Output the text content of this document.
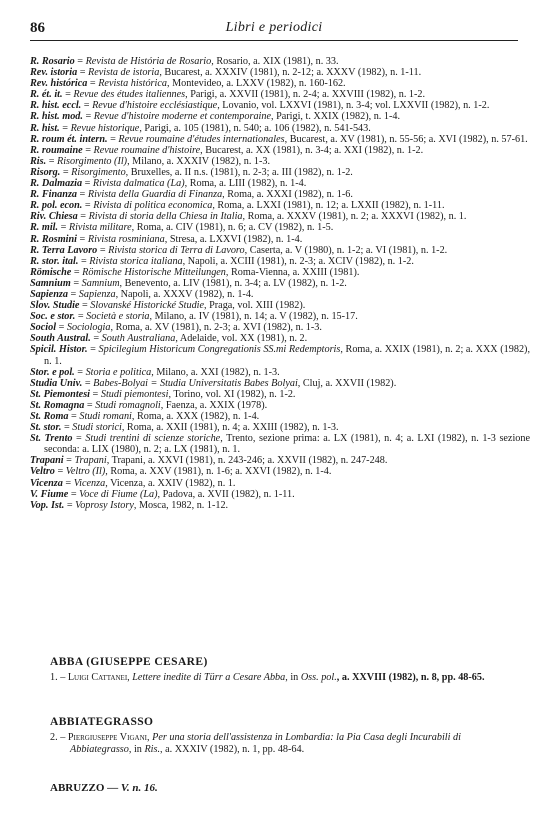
86	Libri e periodici
R. Rosario = Revista de História de Rosario, Rosario, a. XIX (1981), n. 33.
Rev. istoria = Revista de istoria, Bucarest, a. XXXIV (1981), n. 2-12; a. XXXV (1982), n. 1-11.
Rev. histórica = Revista histórica, Montevideo, a. LXXV (1982), n. 160-162.
R. ét. it. = Revue des études italiennes, Parigi, a. XXVII (1981), n. 2-4; a. XXVIII (1982), n. 1-2.
R. hist. eccl. = Revue d'histoire ecclésiastique, Lovanio, vol. LXXVI (1981), n. 3-4; vol. LXXVII (1982), n. 1-2.
R. hist. mod. = Revue d'histoire moderne et contemporaine, Parigi, t. XXIX (1982), n. 1-4.
R. hist. = Revue historique, Parigi, a. 105 (1981), n. 540; a. 106 (1982), n. 541-543.
R. roum ét. intern. = Revue roumaine d'études internationales, Bucarest, a. XV (1981), n. 55-56; a. XVI (1982), n. 57-61.
R. roumaine = Revue roumaine d'histoire, Bucarest, a. XX (1981), n. 3-4; a. XXI (1982), n. 1-2.
Ris. = Risorgimento (Il), Milano, a. XXXIV (1982), n. 1-3.
Risorg. = Risorgimento, Bruxelles, a. II n.s. (1981), n. 2-3; a. III (1982), n. 1-2.
R. Dalmazia = Rivista dalmatica (La), Roma, a. LIII (1982), n. 1-4.
R. Finanza = Rivista della Guardia di Finanza, Roma, a. XXXI (1982), n. 1-6.
R. pol. econ. = Rivista di politica economica, Roma, a. LXXI (1981), n. 12; a. LXXII (1982), n. 1-11.
Riv. Chiesa = Rivista di storia della Chiesa in Italia, Roma, a. XXXV (1981), n. 2; a. XXXVI (1982), n. 1.
R. mil. = Rivista militare, Roma, a. CIV (1981), n. 6; a. CV (1982), n. 1-5.
R. Rosmini = Rivista rosminiana, Stresa, a. LXXVI (1982), n. 1-4.
R. Terra Lavoro = Rivista storica di Terra di Lavoro, Caserta, a. V (1980), n. 1-2; a. VI (1981), n. 1-2.
R. stor. ital. = Rivista storica italiana, Napoli, a. XCIII (1981), n. 2-3; a. XCIV (1982), n. 1-2.
Römische = Römische Historische Mitteilungen, Roma-Vienna, a. XXIII (1981).
Samnium = Samnium, Benevento, a. LIV (1981), n. 3-4; a. LV (1982), n. 1-2.
Sapienza = Sapienza, Napoli, a. XXXV (1982), n. 1-4.
Slov. Studie = Slovanské Historické Studie, Praga, vol. XIII (1982).
Soc. e stor. = Società e storia, Milano, a. IV (1981), n. 14; a. V (1982), n. 15-17.
Sociol = Sociologia, Roma, a. XV (1981), n. 2-3; a. XVI (1982), n. 1-3.
South Austral. = South Australiana, Adelaide, vol. XX (1981), n. 2.
Spicil. Histor. = Spicilegium Historicum Congregationis SS.mi Redemptoris, Roma, a. XXIX (1981), n. 2; a. XXX (1982), n. 1.
Stor. e pol. = Storia e politica, Milano, a. XXI (1982), n. 1-3.
Studia Univ. = Babes-Bolyai = Studia Universitatis Babes Bolyai, Cluj, a. XXVII (1982).
St. Piemontesi = Studi piemontesi, Torino, vol. XI (1982), n. 1-2.
St. Romagna = Studi romagnoli, Faenza, a. XXIX (1978).
St. Roma = Studi romani, Roma, a. XXX (1982), n. 1-4.
St. stor. = Studi storici, Roma, a. XXII (1981), n. 4; a. XXIII (1982), n. 1-3.
St. Trento = Studi trentini di scienze storiche, Trento, sezione prima: a. LX (1981), n. 4; a. LXI (1982), n. 1-3 sezione seconda: a. LIX (1980), n. 2; a. LX (1981), n. 1.
Trapani = Trapani, Trapani, a. XXVI (1981), n. 243-246; a. XXVII (1982), n. 247-248.
Veltro = Veltro (Il), Roma, a. XXV (1981), n. 1-6; a. XXVI (1982), n. 1-4.
Vicenza = Vicenza, Vicenza, a. XXIV (1982), n. 1.
V. Fiume = Voce di Fiume (La), Padova, a. XVII (1982), n. 1-11.
Vop. Ist. = Voprosy Istory, Mosca, 1982, n. 1-12.
ABBA (GIUSEPPE CESARE)
1. – Luigi Cattanei, Lettere inedite di Türr a Cesare Abba, in Oss. pol., a. XXVIII (1982), n. 8, pp. 48-65.
ABBIATEGRASSO
2. – Piergiuseppe Vigani, Per una storia dell'assistenza in Lombardia: la Pia Casa degli Incurabili di Abbiategrasso, in Ris., a. XXXIV (1982), n. 1, pp. 48-64.
ABRUZZO — V. n. 16.
